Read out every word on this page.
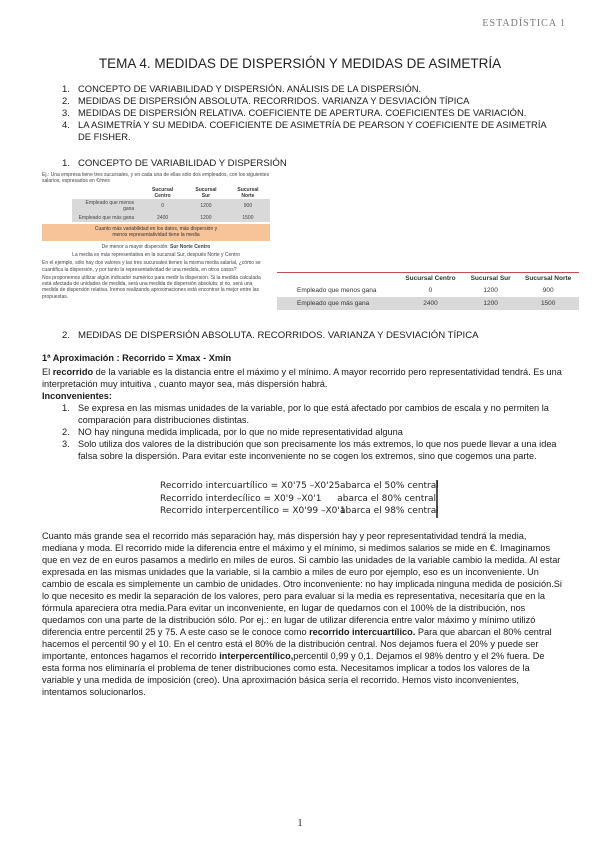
ESTADÍSTICA 1
TEMA 4. MEDIDAS DE DISPERSIÓN Y MEDIDAS DE ASIMETRÍA
1. CONCEPTO DE VARIABILIDAD Y DISPERSIÓN. ANÁLISIS DE LA DISPERSIÓN.
2. MEDIDAS DE DISPERSIÓN ABSOLUTA. RECORRIDOS. VARIANZA Y DESVIACIÓN TÍPICA
3. MEDIDAS DE DISPERSIÓN RELATIVA. COEFICIENTE DE APERTURA. COEFICIENTES DE VARIACIÓN.
4. LA ASIMETRÍA Y SU MEDIDA. COEFICIENTE DE ASIMETRÍA DE PEARSON Y COEFICIENTE DE ASIMETRÍA DE FISHER.
1. CONCEPTO DE VARIABILIDAD Y DISPERSIÓN

Ej.: Una empresa tiene tres sucursales, y en cada una de ellas sólo dos empleados, con los siguientes salarios, expresados en €/mes

	Sucursal Centro	Sucursal Sur	Sucursal Norte
Empleado que menos gana	0	1200	900
Empleado que más gana	2400	1200	1500
Cuanto más variabilidad en los datos, más dispersión y
menos representatividad tiene la media

De menor a mayor dispersión: Sur Norte Centro

La media es más representativa en la sucursal Sur, después Norte y Centro

En el ejemplo, sólo hay dos valores y las tres sucursales tienen la misma media salarial, ¿cómo se cuantifica la dispersión, y por tanto la representatividad de una medida, en otros casos?

Nos proponemos utilizar algún indicador numérico para medir la dispersión. Si la medida calculada está afectada de unidades de medida, será una medida de dispersión absoluta; si no, será una medida de dispersión relativa. Iremos realizando aproximaciones está encontrar la mejor entre las propuestas.

	Sucursal Centro	Sucursal Sur	Sucursal Norte
Empleado que menos gana	0	1200	900
Empleado que más gana	2400	1200	1500
2. MEDIDAS DE DISPERSIÓN ABSOLUTA. RECORRIDOS. VARIANZA Y DESVIACIÓN TÍPICA

1ª Aproximación : Recorrido = Xmax - Xmin

El recorrido de la variable es la distancia entre el máximo y el mínimo. A mayor recorrido pero representatividad tendrá. Es una interpretación muy intuitiva , cuanto mayor sea, más dispersión habrá.

Inconvenientes:

1. Se expresa en las mismas unidades de la variable, por lo que está afectado por cambios de escala y no permiten la comparación para distribuciones distintas.
2. NO hay ninguna medida implicada, por lo que no mide representatividad alguna
3. Solo utiliza dos valores de la distribución que son precisamente los más extremos, lo que nos puede llevar a una idea falsa sobre la dispersión. Para evitar este inconveniente no se cogen los extremos, sino que cogemos una parte.
Recorrido intercuartílico = X0'75 –X0'25 abarca el 50% central
Recorrido interdecílico = X0'9 –X0'1	abarca el 80% central
Recorrido interpercentílico = X0'99 –X0'1
abarca el 98% central

Cuanto más grande sea el recorrido más separación hay, más dispersión hay y peor representatividad tendrá la media, mediana y moda. El recorrido mide la diferencia entre el máximo y el mínimo, si medimos salarios se mide en €. Imaginamos que en vez de en euros pasamos a medirlo en miles de euros. Si cambio las unidades de la variable cambio la medida. Al estar expresada en las mismas unidades que la variable, si la cambio a miles de euro por ejemplo, eso es un inconveniente. Un cambio de escala es simplemente un cambio de unidades. Otro inconveniente: no hay implicada ninguna medida de posición.Si lo que necesito es medir la separación de los valores, pero para evaluar si la media es representativa, necesitaría que en la fórmula apareciera otra media.Para evitar un inconveniente, en lugar de quedarnos con el 100% de la distribución, nos quedamos con una parte de la distribución sólo. Por ej.: en lugar de utilizar diferencia entre valor máximo y mínimo utilizó diferencia entre percentil 25 y 75. A este caso se le conoce como recorrido intercuartílico. Para que abarcan el 80% central hacemos el percentil 90 y el 10. En el centro está el 80% de la distribución central. Nos dejamos fuera el 20% y puede ser importante, entonces hagamos el recorrido interpercentílico,percentil 0,99 y 0,1. Dejamos el 98% dentro y el 2% fuera. De esta forma nos eliminaría el problema de tener distribuciones como esta. Necesitamos implicar a todos los valores de la variable y una medida de imposición (creo). Una aproximación básica sería el recorrido. Hemos visto inconvenientes, intentamos solucionarlos.

1
